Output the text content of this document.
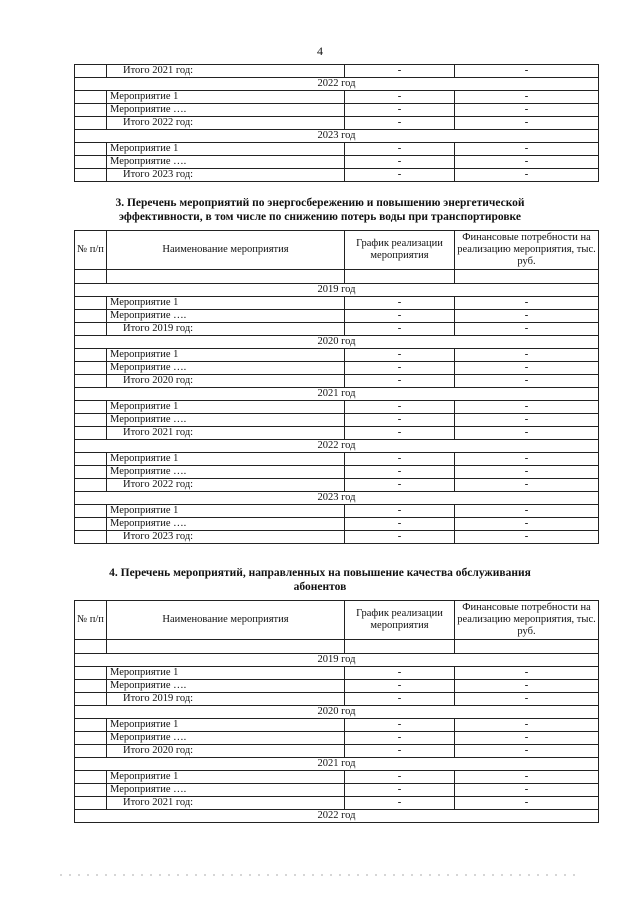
4
	Итого 2021 год:	-	-
2022 год			
	Мероприятие 1	-	-
	Мероприятие ….	-	-
	Итого 2022 год:	-	-
2023 год			
	Мероприятие 1	-	-
	Мероприятие ….	-	-
	Итого 2023 год:	-	-
3. Перечень мероприятий по энергосбережению и повышению энергетической
эффективности, в том числе по снижению потерь воды при транспортировке
№ п/п	Наименование мероприятия	График реализации мероприятия	Финансовые потребности на реализацию мероприятия, тыс. руб.

2019 год			
	Мероприятие 1	-	-
	Мероприятие ….	-	-
	Итого 2019 год:	-	-
2020 год			
	Мероприятие 1	-	-
	Мероприятие ….	-	-
	Итого 2020 год:	-	-
2021 год			
	Мероприятие 1	-	-
	Мероприятие ….	-	-
	Итого 2021 год:	-	-
2022 год			
	Мероприятие 1	-	-
	Мероприятие ….	-	-
	Итого 2022 год:	-	-
2023 год			
	Мероприятие 1	-	-
	Мероприятие ….	-	-
	Итого 2023 год:	-	-
4. Перечень мероприятий, направленных на повышение качества обслуживания
абонентов
№ п/п	Наименование мероприятия	График реализации мероприятия	Финансовые потребности на реализацию мероприятия, тыс. руб.

2019 год			
	Мероприятие 1	-	-
	Мероприятие ….	-	-
	Итого 2019 год:	-	-
2020 год			
	Мероприятие 1	-	-
	Мероприятие ….	-	-
	Итого 2020 год:	-	-
2021 год			
	Мероприятие 1	-	-
	Мероприятие ….	-	-
	Итого 2021 год:	-	-
2022 год			
